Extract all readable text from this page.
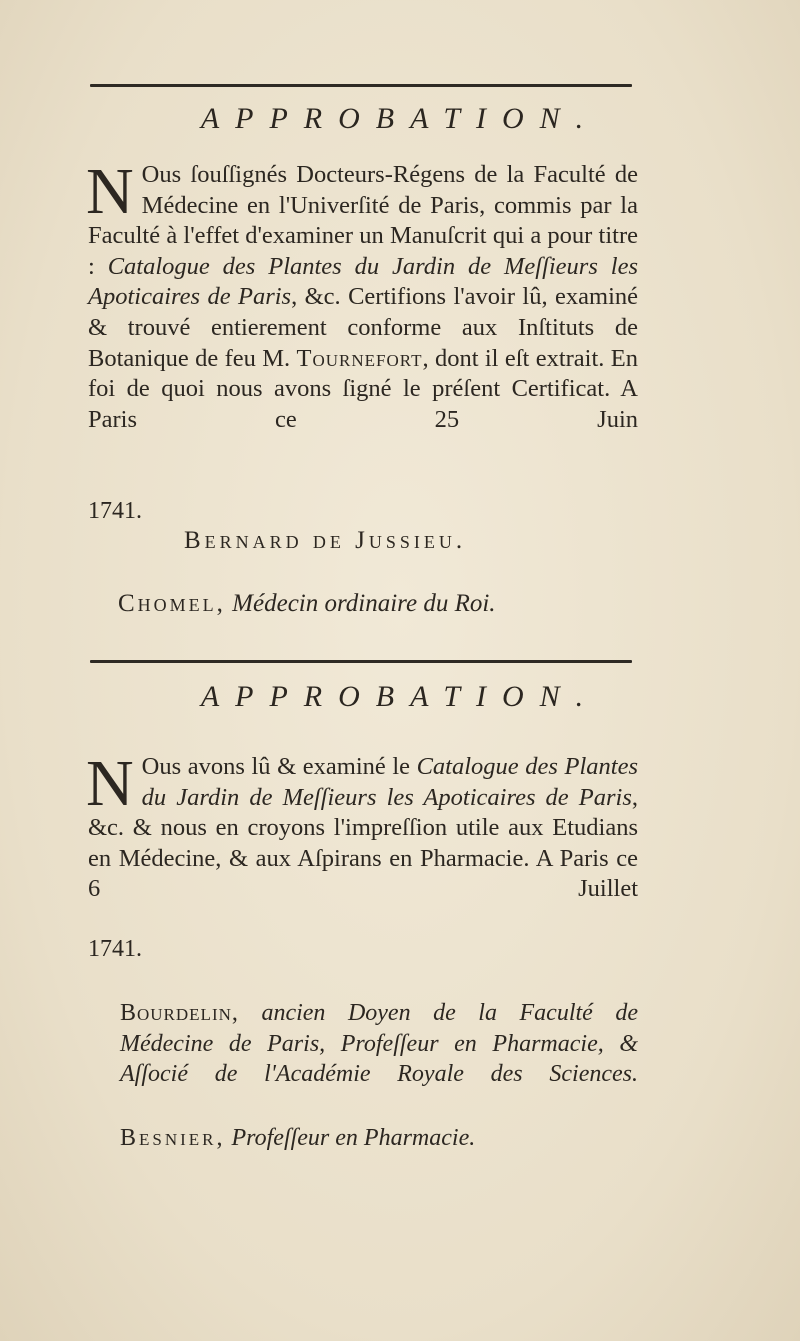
APPROBATION.
N Ous ſouſſignés Docteurs-Régens de la Faculté de Médecine en l'Univerſité de Paris, commis par la Faculté à l'effet d'examiner un Manuſcrit qui a pour titre : Catalogue des Plantes du Jardin de Meſſieurs les Apoticaires de Paris, &c. Certifions l'avoir lû, examiné & trouvé entierement conforme aux Inſtituts de Botanique de feu M. Tournefort, dont il eſt extrait. En foi de quoi nous avons ſigné le préſent Certificat. A Paris ce 25 Juin
1741.
Bernard de Jussieu.
Chomel, Médecin ordinaire du Roi.
APPROBATION.
N Ous avons lû & examiné le Catalogue des Plantes du Jardin de Meſſieurs les Apoticaires de Paris, &c. & nous en croyons l'impreſſion utile aux Etudians en Médecine, & aux Aſpirans en Pharmacie. A Paris ce 6 Juillet
1741.
Bourdelin, ancien Doyen de la Faculté de Médecine de Paris, Profeſſeur en Pharmacie, & Aſſocié de l'Académie Royale des Sciences.
Besnier, Profeſſeur en Pharmacie.
